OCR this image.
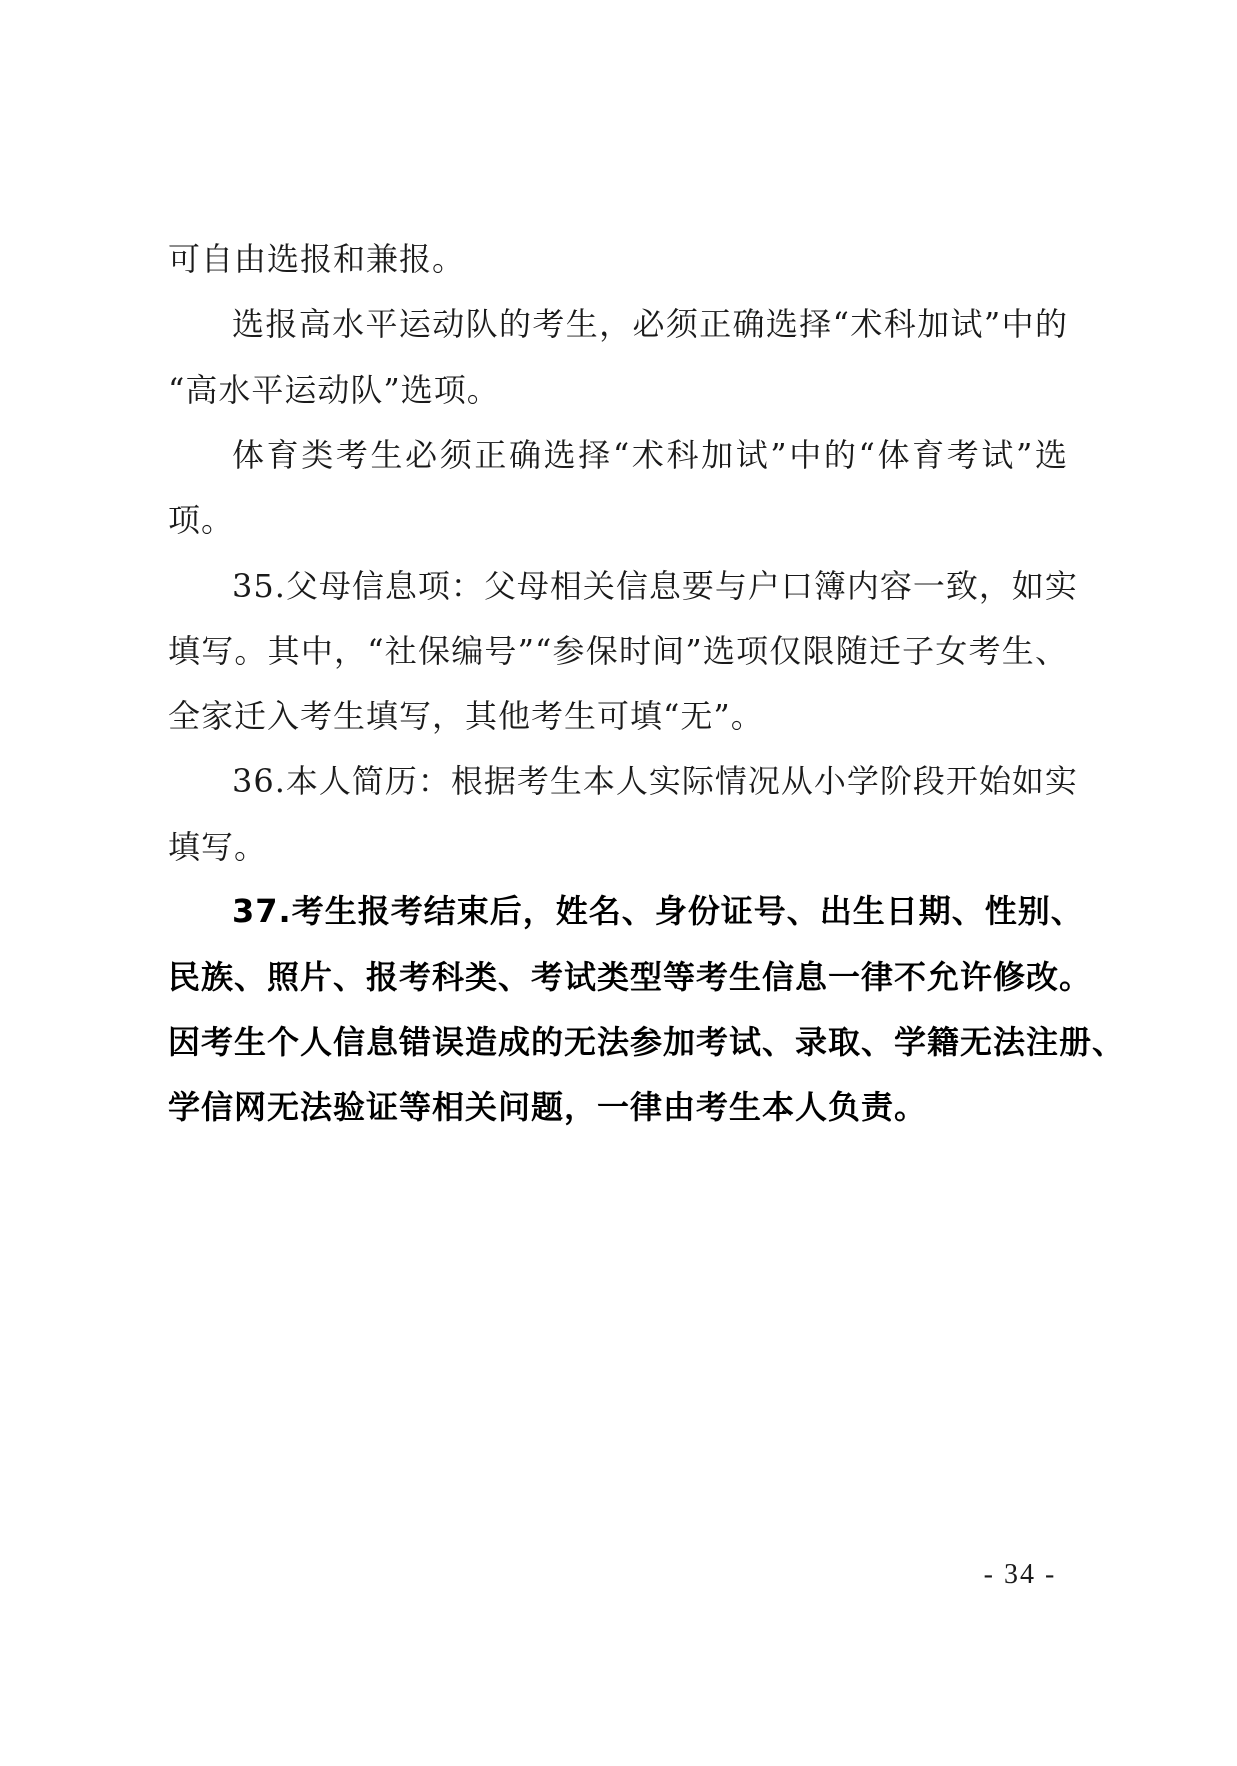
可自由选报和兼报。
选报高水平运动队的考生，必须正确选择“术科加试”中的
“高水平运动队”选项。
体育类考生必须正确选择“术科加试”中的“体育考试”选
项。
35.父母信息项：父母相关信息要与户口簿内容一致，如实
填写。其中，“社保编号”“参保时间”选项仅限随迁子女考生、
全家迁入考生填写，其他考生可填“无”。
36.本人简历：根据考生本人实际情况从小学阶段开始如实
填写。
37.考生报考结束后，姓名、身份证号、出生日期、性别、
民族、照片、报考科类、考试类型等考生信息一律不允许修改。
因考生个人信息错误造成的无法参加考试、录取、学籍无法注册、
学信网无法验证等相关问题，一律由考生本人负责。
- 34 -
